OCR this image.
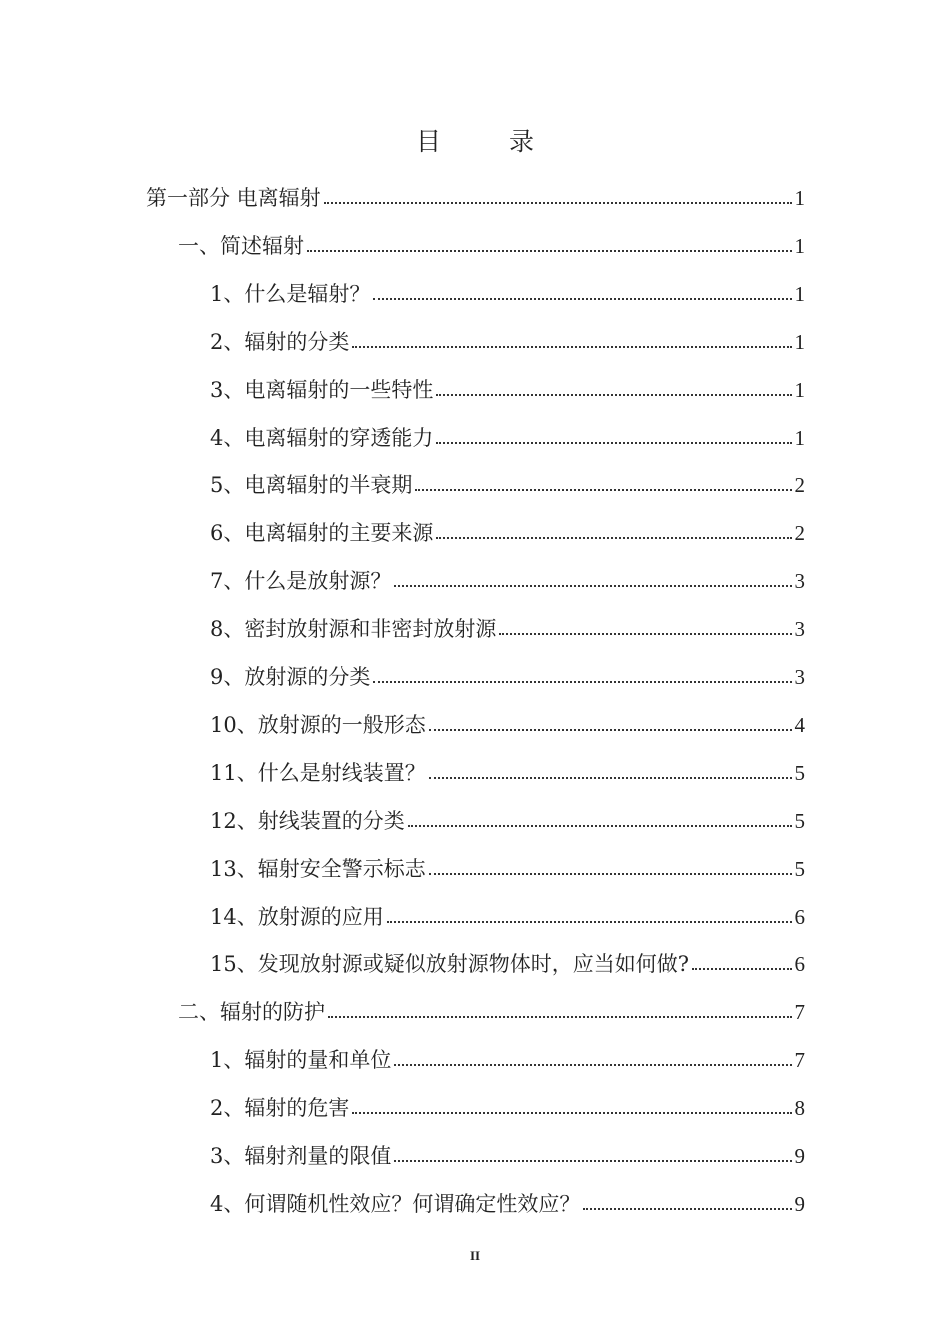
目 录
第一部分 电离辐射	1
一、简述辐射	1
1、什么是辐射？	1
2、辐射的分类	1
3、电离辐射的一些特性	1
4、电离辐射的穿透能力	1
5、电离辐射的半衰期	2
6、电离辐射的主要来源	2
7、什么是放射源？	3
8、密封放射源和非密封放射源	3
9、放射源的分类	3
10、放射源的一般形态	4
11、什么是射线装置？	5
12、射线装置的分类	5
13、辐射安全警示标志	5
14、放射源的应用	6
15、发现放射源或疑似放射源物体时，应当如何做?	6
二、辐射的防护	7
1、辐射的量和单位	7
2、辐射的危害	8
3、辐射剂量的限值	9
4、何谓随机性效应？何谓确定性效应？	9
II
